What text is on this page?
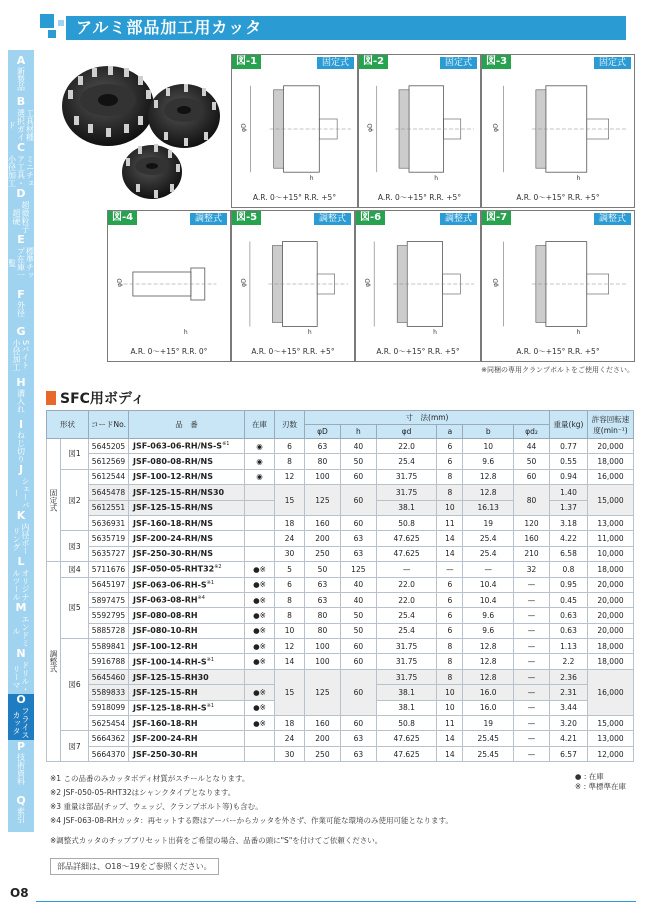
アルミ部品加工用カッタ
A
新製品
B
工具材種選択ガイド
C
ミニチュア工具・小径加工
D
超微粒子超硬
E
標準チップ在庫一覧
F
外径
G
Sバイト小径加工
H
溝入れ
I
ねじ切り
J
シェーバー
K
内径ボーリング
L
オリジナルツール
M
エンドミル
N
ドリル・リーマ
O
フライスカッタ
P
技術資料
Q
索引
図-1	固定式
φD
h
A.R. 0～+15° R.R. +5°
図-2	固定式
φD
h
A.R. 0～+15° R.R. +5°
図-3	固定式
φD
h
A.R. 0～+15° R.R. +5°
図-4	調整式
φD
h
A.R. 0～+15° R.R. 0°
図-5	調整式
φD
h
A.R. 0～+15° R.R. +5°
図-6	調整式
φD
h
A.R. 0～+15° R.R. +5°
図-7	調整式
φD
h
A.R. 0～+15° R.R. +5°
※同梱の専用クランプボルトをご使用ください。
SFC用ボディ
形状		コードNo.	品　番	在庫	刃数	寸　法(mm)						重量(kg)	許容回転速度(min⁻¹)
						φD	h	φd	a	b	φd₂		
固定式	図1	5645205	JSF-$063-06-RH/NS-S^{※1}$	◉	6	63	40	22.0	6	10	44	0.77	20,000
		5612569	JSF-080-08-RH/NS	◉	8	80	50	25.4	6	9.6	50	0.55	18,000
	図2	5612544	JSF-100-12-RH/NS	◉	12	100	60	31.75	8	12.8	60	0.94	16,000
		5645478	JSF-125-15-RH/NS30		15	125	60	31.75	8	12.8	80	1.40	15,000
		5612551	JSF-125-15-RH/NS					38.1	10	16.13		1.37	
		5636931	JSF-160-18-RH/NS		18	160	60	50.8	11	19	120	3.18	13,000
	図3	5635719	JSF-200-24-RH/NS		24	200	63	47.625	14	25.4	160	4.22	11,000
		5635727	JSF-250-30-RH/NS		30	250	63	47.625	14	25.4	210	6.58	10,000
調整式	図4	5711676	JSF-050-05-RHT32$^{※2}$	●※	5	50	125	—	—	—	32	0.8	18,000
	図5	5645197	JSF-$063-06-RH-S^{※1}$	●※	6	63	40	22.0	6	10.4	—	0.95	20,000
		5897475	JSF-063-08-RH$^{※4}$	●※	8	63	40	22.0	6	10.4	—	0.45	20,000
		5592795	JSF-080-08-RH	●※	8	80	50	25.4	6	9.6	—	0.63	20,000
		5885728	JSF-080-10-RH	●※	10	80	50	25.4	6	9.6	—	0.63	20,000
	図6	5589841	JSF-100-12-RH	●※	12	100	60	31.75	8	12.8	—	1.13	18,000
		5916788	JSF-$100-14-RH-S^{※1}$	●※	14	100	60	31.75	8	12.8	—	2.2	18,000
		5645460	JSF-125-15-RH30		15	125	60	31.75	8	12.8	—	2.36	16,000
		5589833	JSF-125-15-RH	●※				38.1	10	16.0	—	2.31	
		5918099	JSF-$125-18-RH-S^{※1}$	●※				38.1	10	16.0	—	3.44	
		5625454	JSF-160-18-RH	●※	18	160	60	50.8	11	19	—	3.20	15,000
	図7	5664362	JSF-200-24-RH		24	200	63	47.625	14	25.45	—	4.21	13,000
		5664370	JSF-250-30-RH		30	250	63	47.625	14	25.45	—	6.57	12,000
※1 この品番のみカッタボディ材質がスチールとなります。
※2 JSF-050-05-RHT32はシャンクタイプとなります。
※3 重量は部品(チップ、ウェッジ、クランプボルト等)も含む。
※4 JSF-063-08-RHカッタ：再セットする際はアーバーからカッタを外さず、作業可能な環境のみ使用可能となります。
※調整式カッタのチップブリセット出荷をご希望の場合、品番の頭に"S"を付けてご依頼ください。
● : 在庫
※ : 準標準在庫
部品詳細は、O18～19をご参照ください。
O8
